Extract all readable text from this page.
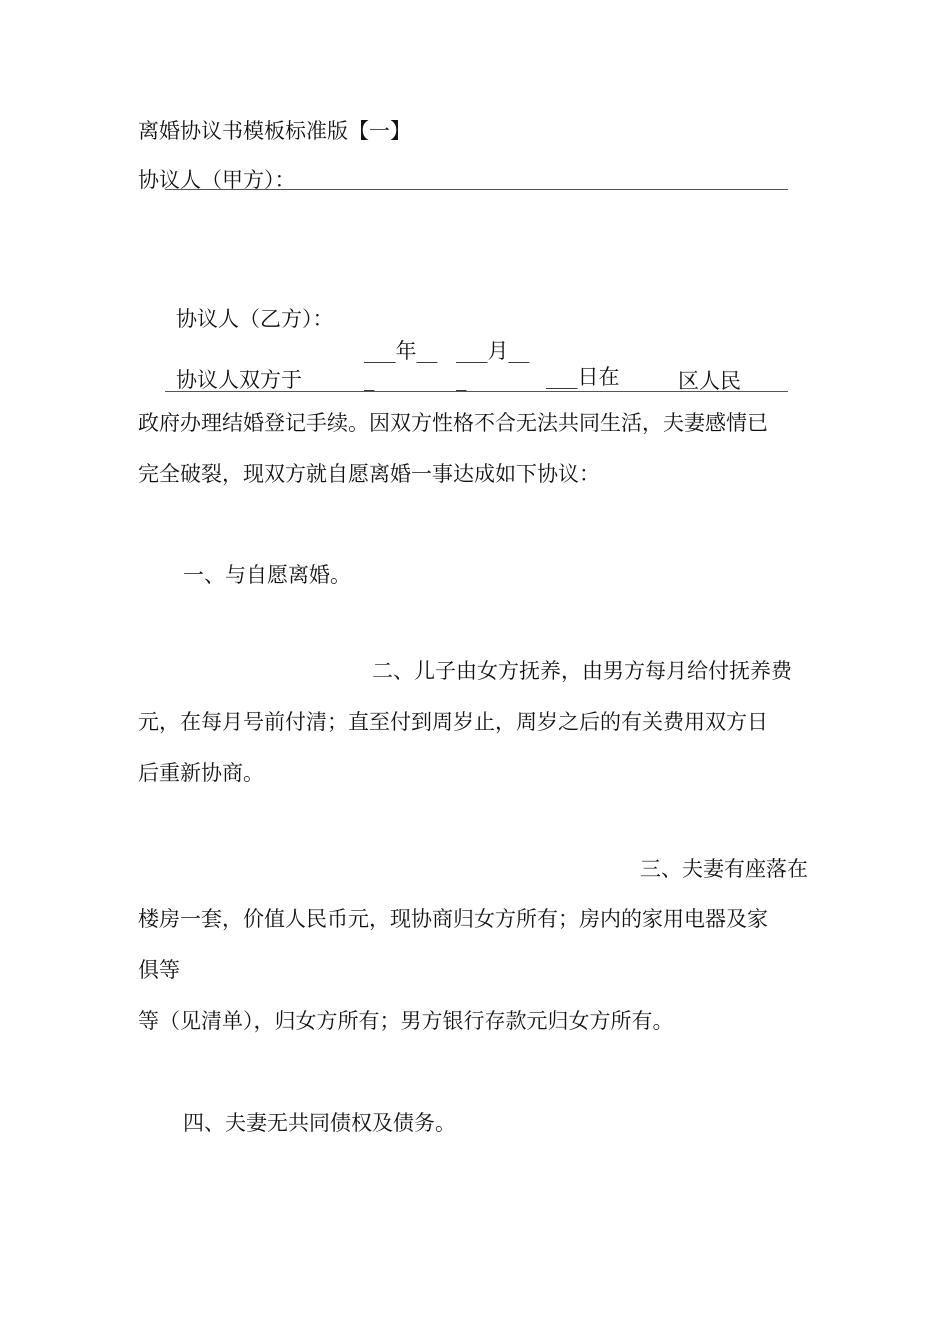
离婚协议书模板标准版【一】
协议人（甲方）：
协议人（乙方）：
___年__ ___月__
协议人双方于	_	_	___日在	区人民
政府办理结婚登记手续。因双方性格不合无法共同生活，夫妻感情已
完全破裂，现双方就自愿离婚一事达成如下协议：
一、与自愿离婚。
二、儿子由女方抚养，由男方每月给付抚养费
元，在每月号前付清；直至付到周岁止，周岁之后的有关费用双方日
后重新协商。
三、夫妻有座落在
楼房一套，价值人民币元，现协商归女方所有；房内的家用电器及家
俱等
等（见清单），归女方所有；男方银行存款元归女方所有。
四、夫妻无共同债权及债务。
